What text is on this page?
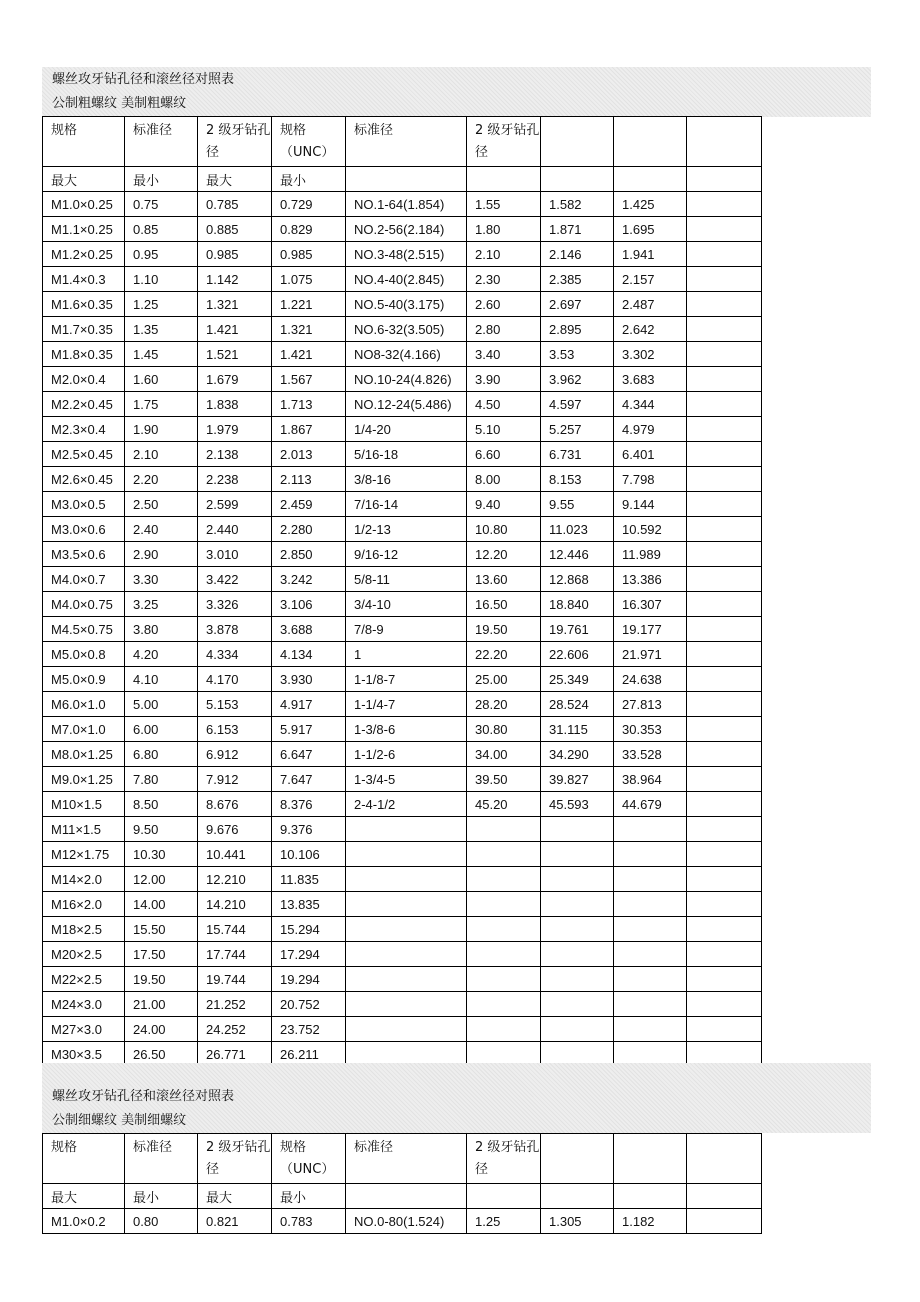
螺丝攻牙钻孔径和滚丝径对照表
公制粗螺纹 美制粗螺纹
规格	标准径	2 级牙钻孔径	规格（UNC）	标准径	2 级牙钻孔径			
最大	最小	最大	最小					
M1.0×0.25	0.75	0.785	0.729	NO.1-64(1.854)	1.55	1.582	1.425	
M1.1×0.25	0.85	0.885	0.829	NO.2-56(2.184)	1.80	1.871	1.695	
M1.2×0.25	0.95	0.985	0.985	NO.3-48(2.515)	2.10	2.146	1.941	
M1.4×0.3	1.10	1.142	1.075	NO.4-40(2.845)	2.30	2.385	2.157	
M1.6×0.35	1.25	1.321	1.221	NO.5-40(3.175)	2.60	2.697	2.487	
M1.7×0.35	1.35	1.421	1.321	NO.6-32(3.505)	2.80	2.895	2.642	
M1.8×0.35	1.45	1.521	1.421	NO8-32(4.166)	3.40	3.53	3.302	
M2.0×0.4	1.60	1.679	1.567	NO.10-24(4.826)	3.90	3.962	3.683	
M2.2×0.45	1.75	1.838	1.713	NO.12-24(5.486)	4.50	4.597	4.344	
M2.3×0.4	1.90	1.979	1.867	1/4-20	5.10	5.257	4.979	
M2.5×0.45	2.10	2.138	2.013	5/16-18	6.60	6.731	6.401	
M2.6×0.45	2.20	2.238	2.113	3/8-16	8.00	8.153	7.798	
M3.0×0.5	2.50	2.599	2.459	7/16-14	9.40	9.55	9.144	
M3.0×0.6	2.40	2.440	2.280	1/2-13	10.80	11.023	10.592	
M3.5×0.6	2.90	3.010	2.850	9/16-12	12.20	12.446	11.989	
M4.0×0.7	3.30	3.422	3.242	5/8-11	13.60	12.868	13.386	
M4.0×0.75	3.25	3.326	3.106	3/4-10	16.50	18.840	16.307	
M4.5×0.75	3.80	3.878	3.688	7/8-9	19.50	19.761	19.177	
M5.0×0.8	4.20	4.334	4.134	1	22.20	22.606	21.971	
M5.0×0.9	4.10	4.170	3.930	1-1/8-7	25.00	25.349	24.638	
M6.0×1.0	5.00	5.153	4.917	1-1/4-7	28.20	28.524	27.813	
M7.0×1.0	6.00	6.153	5.917	1-3/8-6	30.80	31.115	30.353	
M8.0×1.25	6.80	6.912	6.647	1-1/2-6	34.00	34.290	33.528	
M9.0×1.25	7.80	7.912	7.647	1-3/4-5	39.50	39.827	38.964	
M10×1.5	8.50	8.676	8.376	2-4-1/2	45.20	45.593	44.679	
M11×1.5	9.50	9.676	9.376					
M12×1.75	10.30	10.441	10.106					
M14×2.0	12.00	12.210	11.835					
M16×2.0	14.00	14.210	13.835					
M18×2.5	15.50	15.744	15.294					
M20×2.5	17.50	17.744	17.294					
M22×2.5	19.50	19.744	19.294					
M24×3.0	21.00	21.252	20.752					
M27×3.0	24.00	24.252	23.752					
M30×3.5	26.50	26.771	26.211					
螺丝攻牙钻孔径和滚丝径对照表
公制细螺纹 美制细螺纹
规格	标准径	2 级牙钻孔径	规格（UNC）	标准径	2 级牙钻孔径			
最大	最小	最大	最小					
M1.0×0.2	0.80	0.821	0.783	NO.0-80(1.524)	1.25	1.305	1.182	
